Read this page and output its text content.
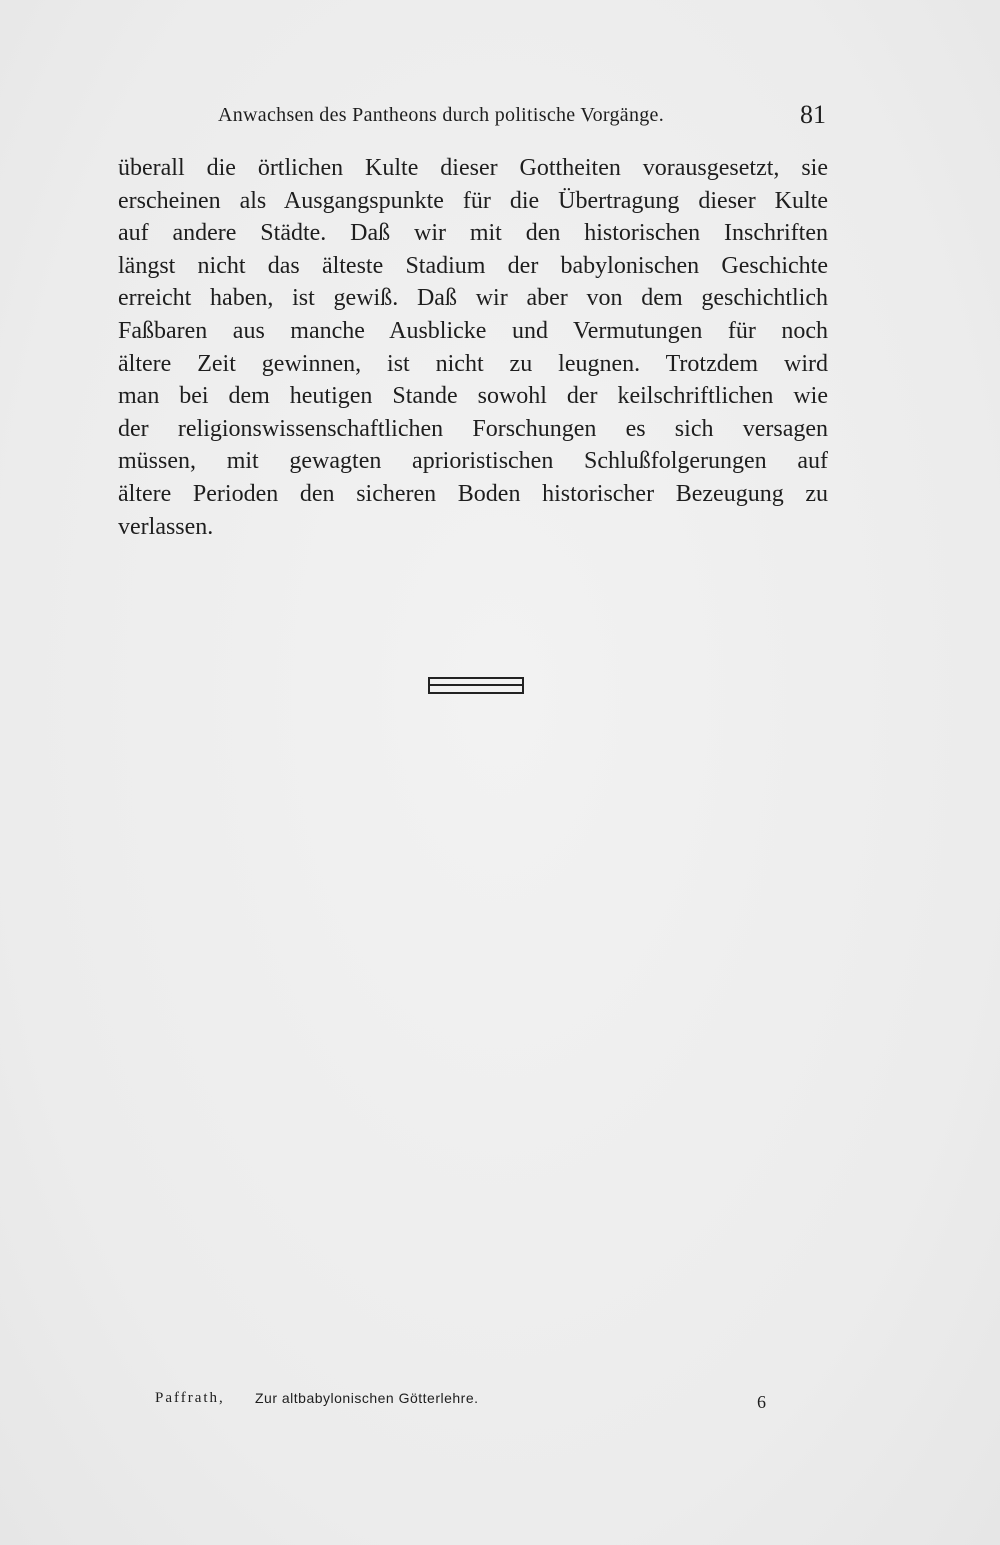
Anwachsen des Pantheons durch politische Vorgänge.	81
überall die örtlichen Kulte dieser Gottheiten vorausgesetzt, sie
erscheinen als Ausgangspunkte für die Übertragung dieser Kulte
auf andere Städte. Daß wir mit den historischen Inschriften
längst nicht das älteste Stadium der babylonischen Geschichte
erreicht haben, ist gewiß. Daß wir aber von dem geschichtlich
Faßbaren aus manche Ausblicke und Vermutungen für noch
ältere Zeit gewinnen, ist nicht zu leugnen. Trotzdem wird
man bei dem heutigen Stande sowohl der keilschriftlichen wie
der religionswissenschaftlichen Forschungen es sich versagen
müssen, mit gewagten aprioristischen Schlußfolgerungen auf
ältere Perioden den sicheren Boden historischer Bezeugung zu
verlassen.
Paffrath, Zur altbabylonischen Götterlehre.	6
